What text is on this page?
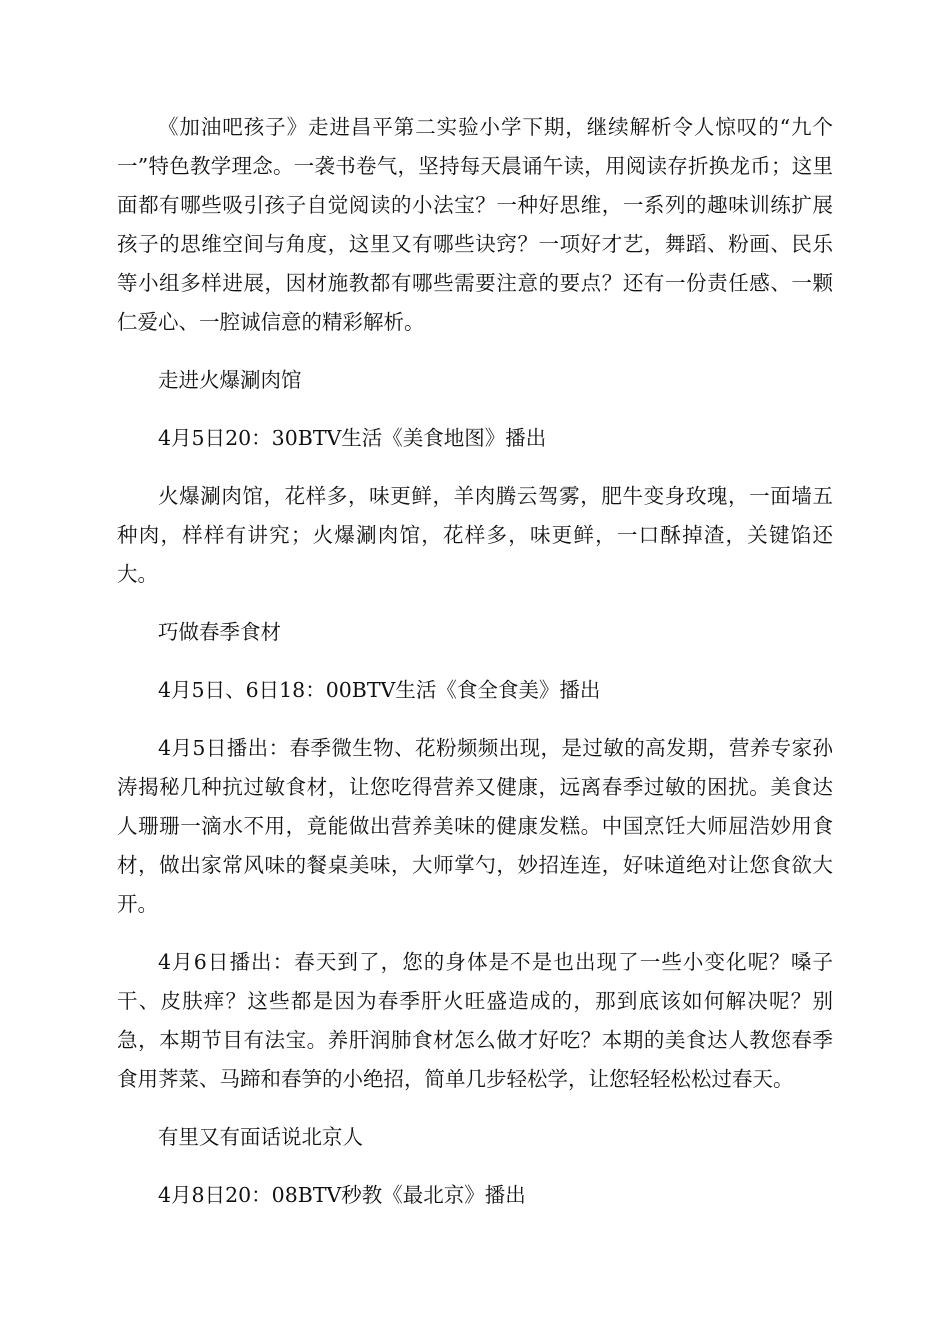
《加油吧孩子》走进昌平第二实验小学下期，继续解析令人惊叹的“九个一”特色教学理念。一袭书卷气，坚持每天晨诵午读，用阅读存折换龙币；这里面都有哪些吸引孩子自觉阅读的小法宝？一种好思维，一系列的趣味训练扩展孩子的思维空间与角度，这里又有哪些诀窍？一项好才艺，舞蹈、粉画、民乐等小组多样进展，因材施教都有哪些需要注意的要点？还有一份责任感、一颗仁爱心、一腔诚信意的精彩解析。

走进火爆涮肉馆

4月5日20：30BTV生活《美食地图》播出

火爆涮肉馆，花样多，味更鲜，羊肉腾云驾雾，肥牛变身玫瑰，一面墙五种肉，样样有讲究；火爆涮肉馆，花样多，味更鲜，一口酥掉渣，关键馅还大。

巧做春季食材

4月5日、6日18：00BTV生活《食全食美》播出

4月5日播出：春季微生物、花粉频频出现，是过敏的高发期，营养专家孙涛揭秘几种抗过敏食材，让您吃得营养又健康，远离春季过敏的困扰。美食达人珊珊一滴水不用，竟能做出营养美味的健康发糕。中国烹饪大师屈浩妙用食材，做出家常风味的餐桌美味，大师掌勺，妙招连连，好味道绝对让您食欲大开。

4月6日播出：春天到了，您的身体是不是也出现了一些小变化呢？嗓子干、皮肤痒？这些都是因为春季肝火旺盛造成的，那到底该如何解决呢？别急，本期节目有法宝。养肝润肺食材怎么做才好吃？本期的美食达人教您春季食用荠菜、马蹄和春笋的小绝招，简单几步轻松学，让您轻轻松松过春天。

有里又有面话说北京人

4月8日20：08BTV秒教《最北京》播出
